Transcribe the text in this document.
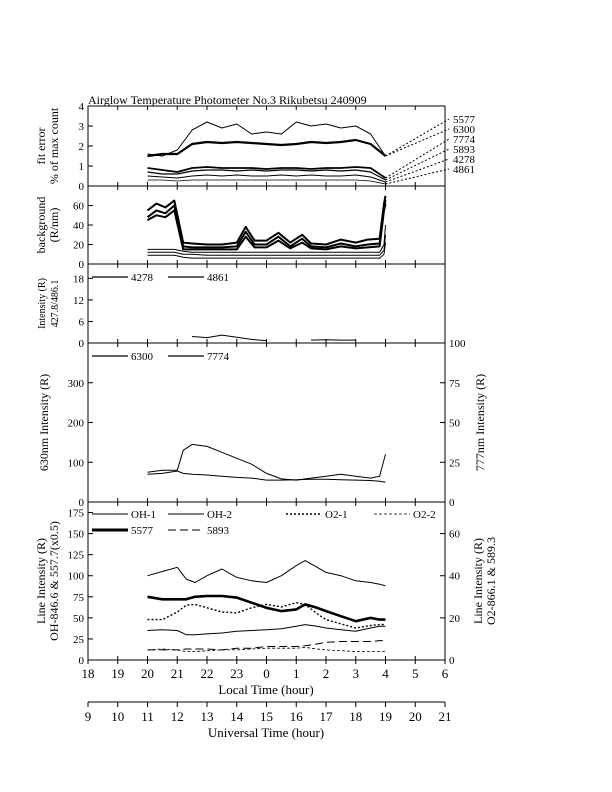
Airglow Temperature Photometer No.3 Rikubetsu 240909
0
1
2
3
4
fit error % of max count	5577
6300
7774
5893
4278
4861
0
20
40
60
background (R/nm)
0
6
12
18
Intensity (R) 427.8/486.1
4278	4861
0
100
200
300
630nm Intensity (R)
0
25
50
75
100
777nm Intensity (R)
6300	7774
0
25
50
75
100
125
150
175
Line Intensity (R) OH-846.6 & 557.7(x0.5)
0
20
40
60
Line Intensity (R) O2-866.1 & 589.3
OH-1	OH-2	O2-1	O2-2
5577	5893
18 19 20 21 22 23 0 1 2 3 4 5 6
Local Time (hour)
9 10 11 12 13 14 15 16 17 18 19 20 21
Universal Time (hour)
